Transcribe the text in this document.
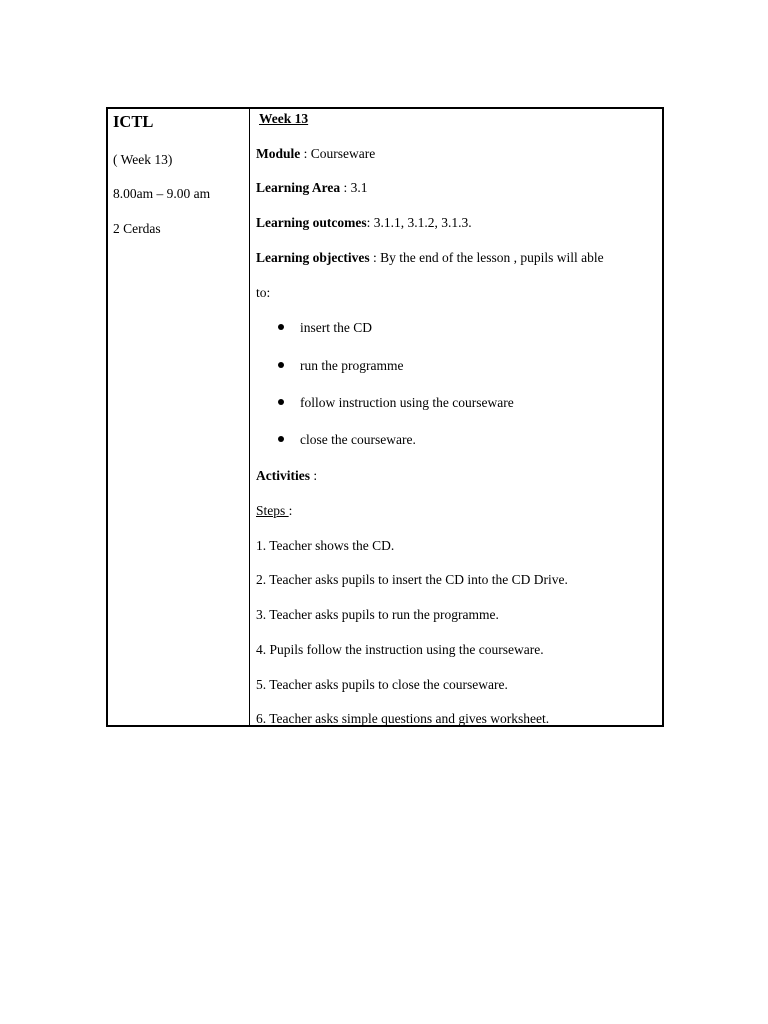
ICTL
( Week 13)
8.00am – 9.00 am
2 Cerdas
Week 13
Module : Courseware
Learning Area : 3.1
Learning outcomes: 3.1.1, 3.1.2, 3.1.3.
Learning objectives : By the end of the lesson , pupils will able
to:
insert the CD
run the programme
follow instruction using the courseware
close the courseware.
Activities :
Steps :
1. Teacher shows the CD.
2. Teacher asks pupils to insert the CD into the CD Drive.
3. Teacher asks pupils to run the programme.
4. Pupils follow the instruction using the courseware.
5. Teacher asks pupils to close the courseware.
6. Teacher asks simple questions and gives worksheet.
